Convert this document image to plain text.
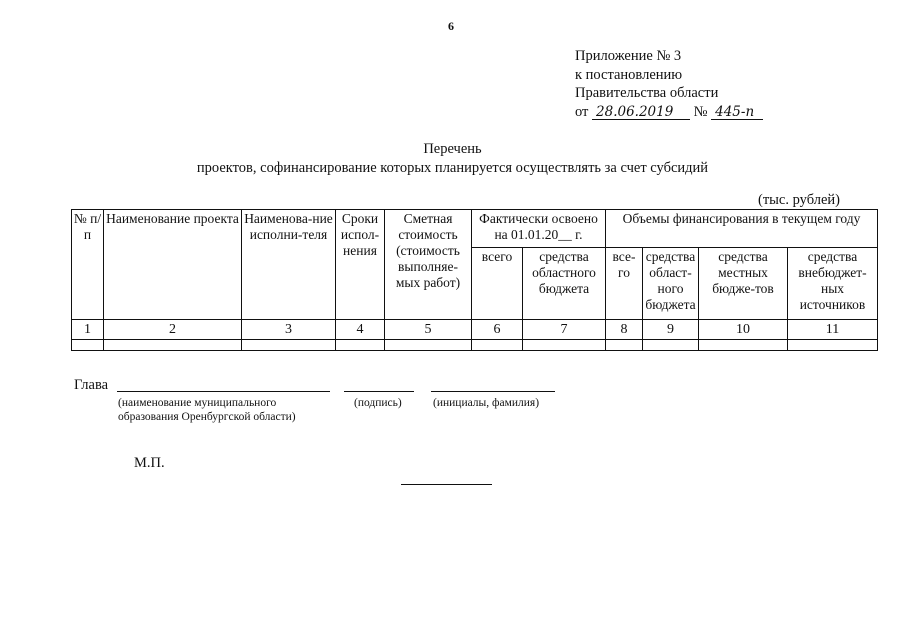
6
Приложение № 3
к постановлению
Правительства области
от 28.06.2019 № 445-п
Перечень
проектов, софинансирование которых планируется осуществлять за счет субсидий
(тыс. рублей)
№ п/п	Наименование проекта	Наименова-ние исполни-теля	Сроки испол-нения	Сметная стоимость (стоимость выполняе-мых работ)	Фактически освоено на 01.01.20__ г.		Объемы финансирования в текущем году			
					всего	средства областного бюджета	все-го	средства област-ного бюджета	средства местных бюдже-тов	средства внебюджет-ных источников
1	2	3	4	5	6	7	8	9	10	11

Глава
(наименование муниципального
образования Оренбургской области)
(подпись)	(инициалы, фамилия)
М.П.
